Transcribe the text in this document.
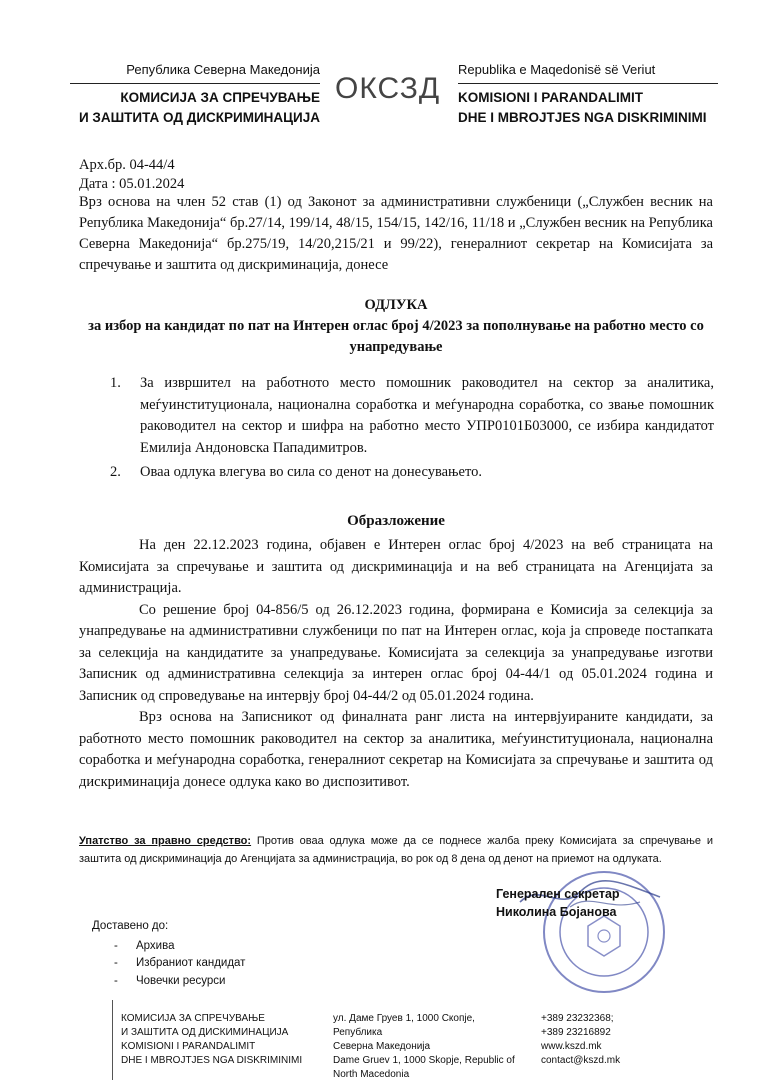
Република Северна Македонија
КОМИСИЈА ЗА СПРЕЧУВАЊЕ
И ЗАШТИТА ОД ДИСКРИМИНАЦИЈА
ОКСЗД
Republika e Maqedonisë së Veriut
KOMISIONI I PARANDALIMIT
DHE I MBROJTJES NGA DISKRIMINIMI
Арх.бр. 04-44/4
Дата : 05.01.2024
Врз основа на член 52 став (1) од Законот за административни службеници („Службен весник на Република Македонија“ бр.27/14, 199/14, 48/15, 154/15, 142/16, 11/18 и „Службен весник на Република Северна Македонија“ бр.275/19, 14/20,215/21 и 99/22), генералниот секретар на Комисијата за спречување и заштита од дискриминација, донесе
ОДЛУКА
за избор на кандидат по пат на Интерен оглас број 4/2023 за пополнување на работно место со унапредување
1.	За извршител на работното место помошник раководител на сектор за аналитика, меѓуинституционала, национална соработка и меѓународна соработка, со звање помошник раководител на сектор и шифра на работно место УПР0101Б03000, се избира кандидатот Емилија Андоновска Пападимитров.
2.	Оваа одлука влегува во сила со денот на донесувањето.
Образложение

На ден 22.12.2023 година, објавен е Интерен оглас број 4/2023 на веб страницата на Комисијата за спречување и заштита од дискриминација и на веб страницата на Агенцијата за администрација.

Со решение број 04-856/5 од 26.12.2023 година, формирана е Комисија за селекција за унапредување на административни службеници по пат на Интерен оглас, која ја спроведе постапката за селекција на кандидатите за унапредување. Комисијата за селекција за унапредување изготви Записник од административна селекција за интерен оглас број 04-44/1 од 05.01.2024 година и Записник од спроведување на интервју број 04-44/2 од 05.01.2024 година.

Врз основа на Записникот од финалната ранг листа на интервјуираните кандидати, за работното место помошник раководител на сектор за аналитика, меѓуинституционала, национална соработка и меѓународна соработка, генералниот секретар на Комисијата за спречување и заштита од дискриминација донесе одлука како во диспозитивот.

Упатство за правно средство: Против оваа одлука може да се поднесе жалба преку Комисијата за спречување и заштита од дискриминација до Агенцијата за администрација, во рок од 8 дена од денот на приемот на одлуката.
Генерален секретар
Николина Бојанова
Доставено до:
- Архива
- Избраниот кандидат
- Човечки ресурси
КОМИСИЈА ЗА СПРЕЧУВАЊЕ
И ЗАШТИТА ОД ДИСКИМИНАЦИЈА
KOMISIONI I PARANDALIMIT
DHE I MBROJTJES NGA DISKRIMINIMI
ул. Даме Груев 1, 1000 Скопје, Република
Северна Македонија
Dame Gruev 1, 1000 Skopje, Republic of
North Macedonia
+389 23232368;
+389 23216892
www.kszd.mk
contact@kszd.mk
